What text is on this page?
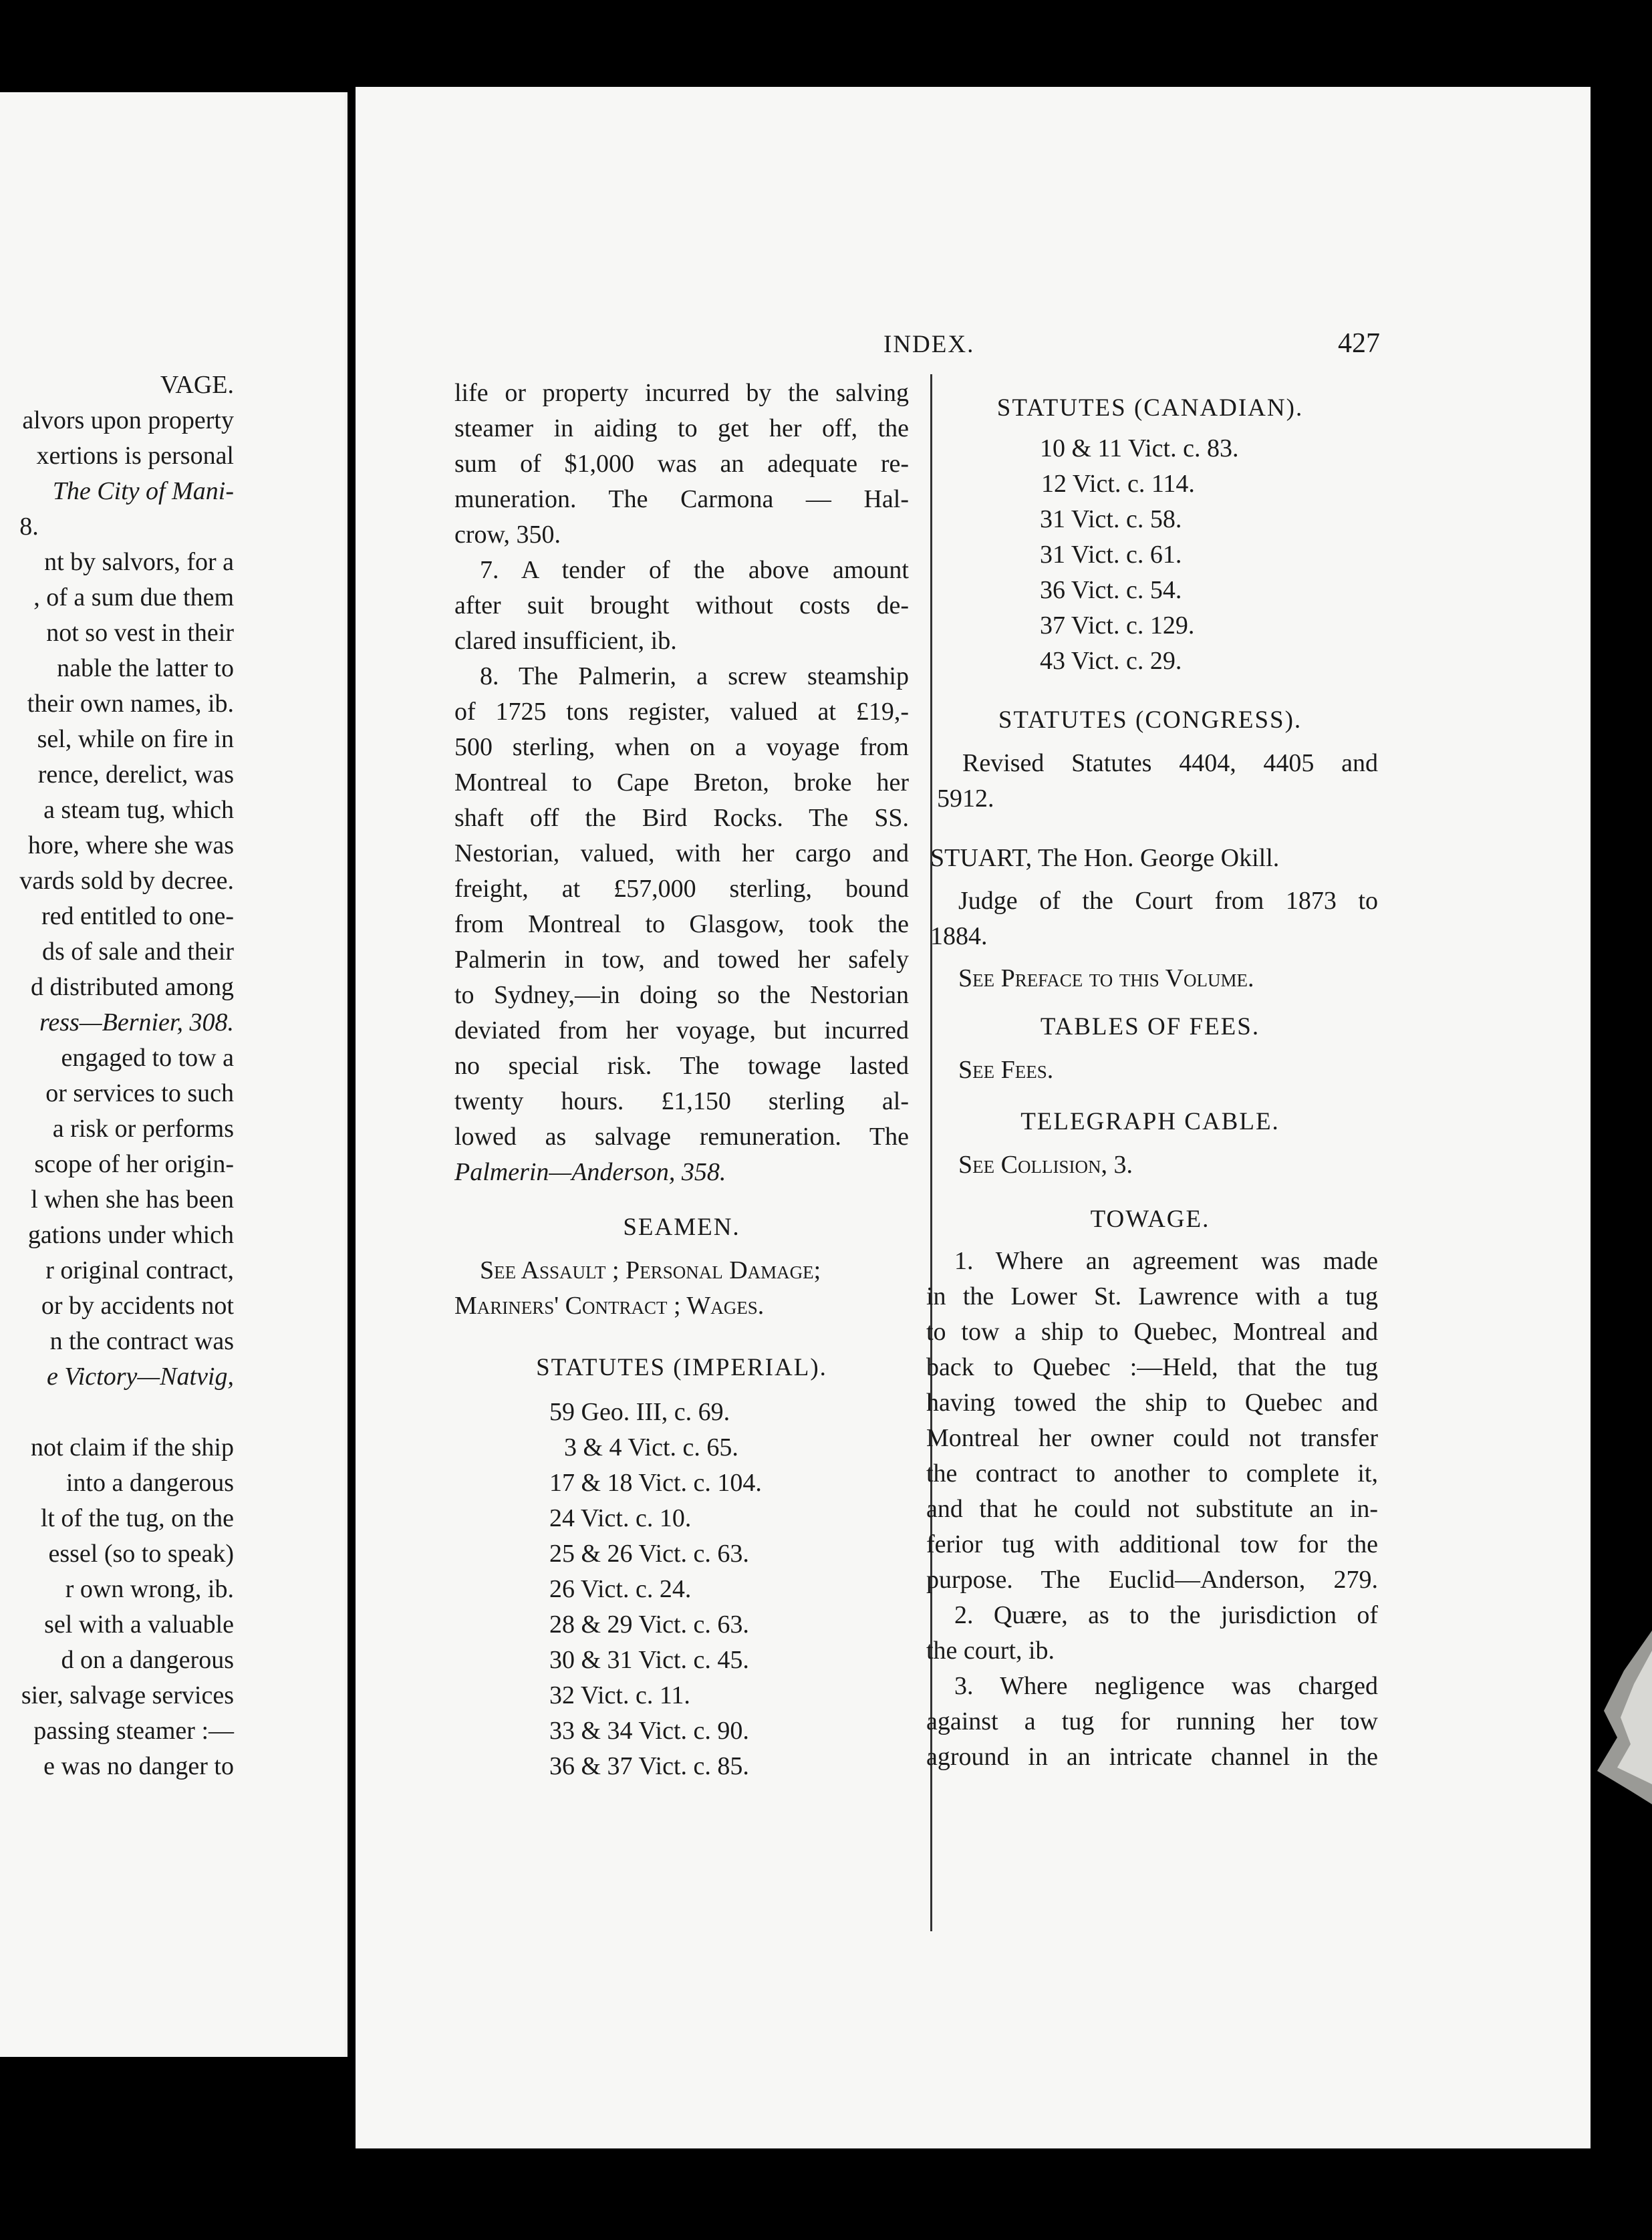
VAGE.
alvors upon property
xertions is personal
The City of Mani-
8.
nt by salvors, for a
, of a sum due them
not so vest in their
nable the latter to
their own names, ib.
sel, while on fire in
rence, derelict, was
a steam tug, which
hore, where she was
vards sold by decree.
red entitled to one-
ds of sale and their
d distributed among
ress—Bernier, 308.
engaged to tow a
or services to such
a risk or performs
scope of her origin-
l when she has been
gations under which
r original contract,
or by accidents not
n the contract was
e Victory—Natvig,
not claim if the ship
into a dangerous
lt of the tug, on the
essel (so to speak)
r own wrong, ib.
sel with a valuable
d on a dangerous
sier, salvage services
passing steamer :—
e was no danger to
INDEX.	427
life or property incurred by the salving
steamer in aiding to get her off, the
sum of $1,000 was an adequate re-
muneration. The Carmona — Hal-
crow, 350.
7. A tender of the above amount
after suit brought without costs de-
clared insufficient, ib.
8. The Palmerin, a screw steamship
of 1725 tons register, valued at £19,-
500 sterling, when on a voyage from
Montreal to Cape Breton, broke her
shaft off the Bird Rocks. The SS.
Nestorian, valued, with her cargo and
freight, at £57,000 sterling, bound
from Montreal to Glasgow, took the
Palmerin in tow, and towed her safely
to Sydney,—in doing so the Nestorian
deviated from her voyage, but incurred
no special risk. The towage lasted
twenty hours. £1,150 sterling al-
lowed as salvage remuneration. The
Palmerin—Anderson, 358.
SEAMEN.
See Assault ; Personal Damage;
Mariners' Contract ; Wages.
STATUTES (IMPERIAL).
59 Geo. III, c. 69.
3 & 4 Vict. c. 65.
17 & 18 Vict. c. 104.
24 Vict. c. 10.
25 & 26 Vict. c. 63.
26 Vict. c. 24.
28 & 29 Vict. c. 63.
30 & 31 Vict. c. 45.
32 Vict. c. 11.
33 & 34 Vict. c. 90.
36 & 37 Vict. c. 85.
STATUTES (CANADIAN).
10 & 11 Vict. c. 83.
12 Vict. c. 114.
31 Vict. c. 58.
31 Vict. c. 61.
36 Vict. c. 54.
37 Vict. c. 129.
43 Vict. c. 29.
STATUTES (CONGRESS).
Revised Statutes 4404, 4405 and
5912.
STUART, The Hon. George Okill.
Judge of the Court from 1873 to
1884.
See Preface to this Volume.
TABLES OF FEES.
See Fees.
TELEGRAPH CABLE.
See Collision, 3.
TOWAGE.
1. Where an agreement was made
in the Lower St. Lawrence with a tug
to tow a ship to Quebec, Montreal and
back to Quebec :—Held, that the tug
having towed the ship to Quebec and
Montreal her owner could not transfer
the contract to another to complete it,
and that he could not substitute an in-
ferior tug with additional tow for the
purpose. The Euclid—Anderson, 279.
2. Quære, as to the jurisdiction of
the court, ib.
3. Where negligence was charged
against a tug for running her tow
aground in an intricate channel in the
